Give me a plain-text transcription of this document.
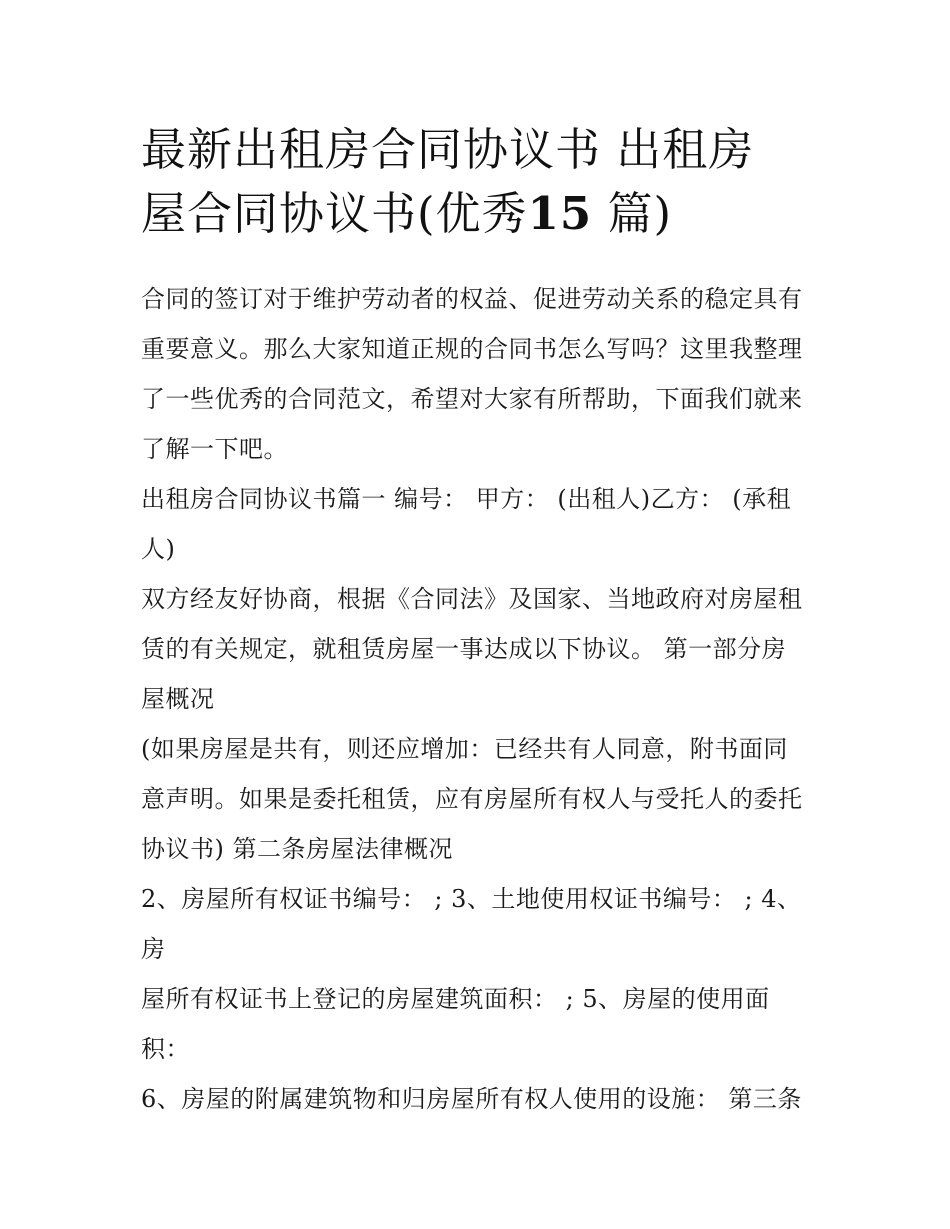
最新出租房合同协议书 出租房
屋合同协议书(优秀15 篇)

合同的签订对于维护劳动者的权益、促进劳动关系的稳定具有
重要意义。那么大家知道正规的合同书怎么写吗？这里我整理
了一些优秀的合同范文，希望对大家有所帮助，下面我们就来
了解一下吧。

出租房合同协议书篇一 编号： 甲方： (出租人)乙方： (承租
人)

双方经友好协商，根据《合同法》及国家、当地政府对房屋租
赁的有关规定，就租赁房屋一事达成以下协议。 第一部分房
屋概况

(如果房屋是共有，则还应增加：已经共有人同意，附书面同
意声明。如果是委托租赁，应有房屋所有权人与受托人的委托
协议书) 第二条房屋法律概况

2、房屋所有权证书编号： ; 3、土地使用权证书编号： ; 4、房
屋所有权证书上登记的房屋建筑面积： ; 5、房屋的使用面
积：

6、房屋的附属建筑物和归房屋所有权人使用的设施： 第三条
